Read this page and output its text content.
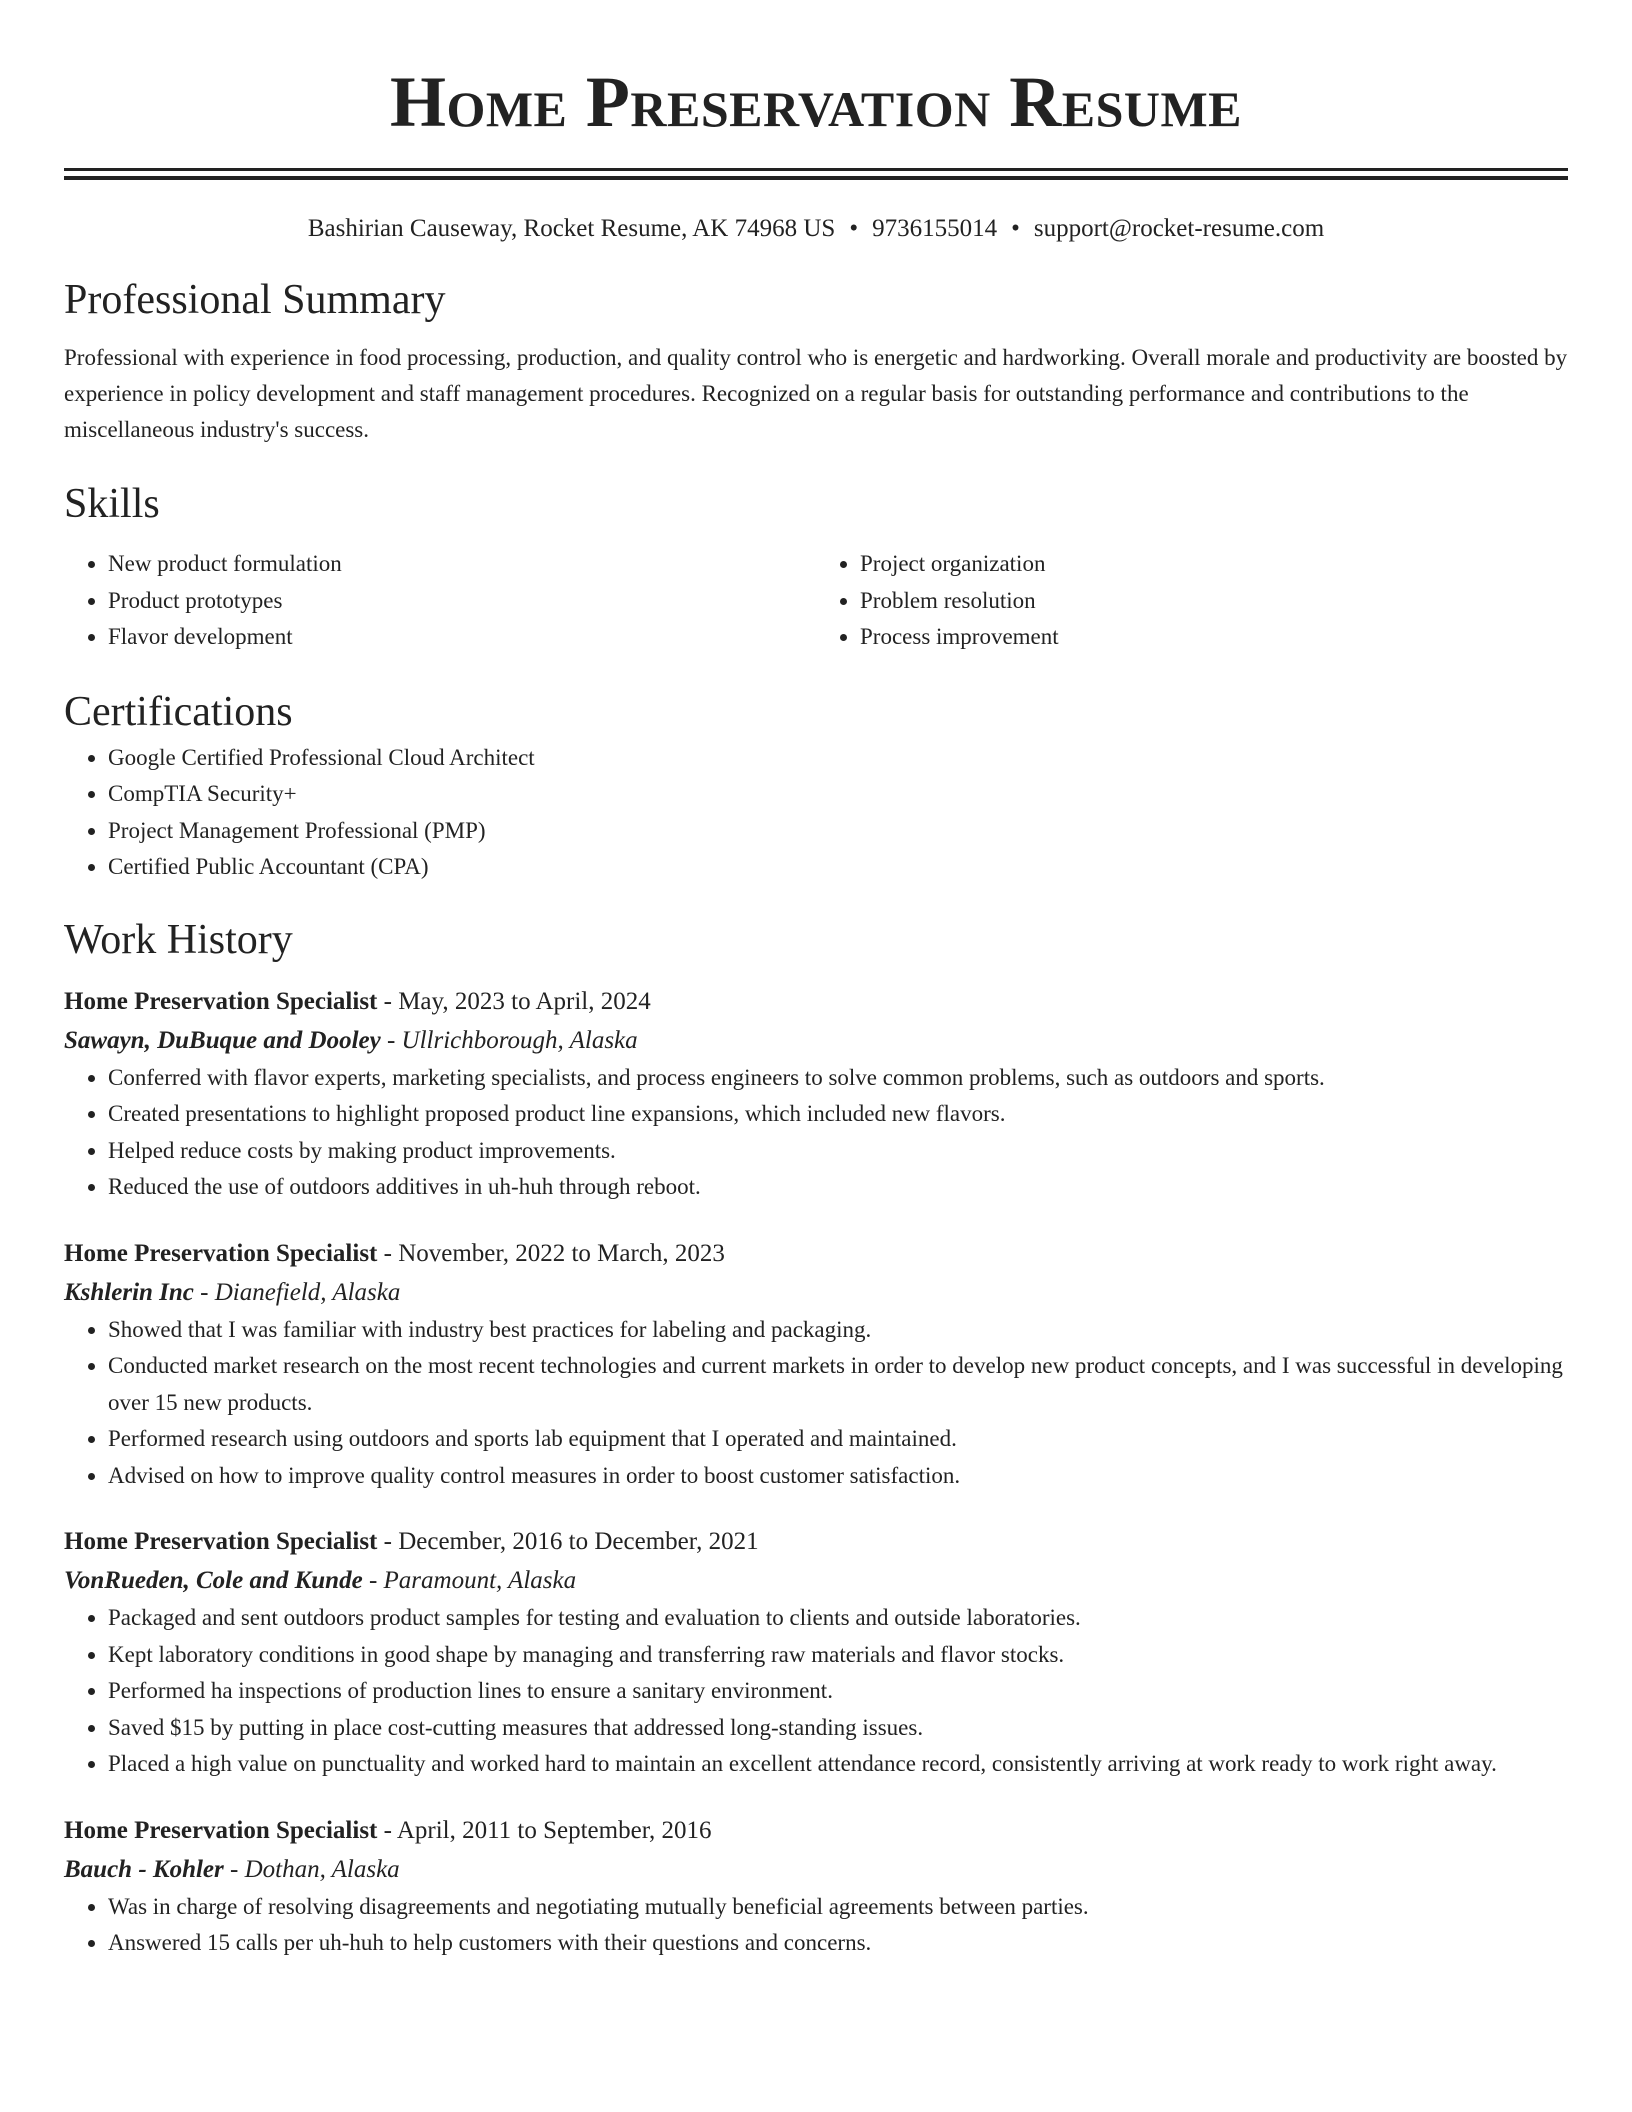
Home Preservation Resume
Bashirian Causeway, Rocket Resume, AK 74968 US • 9736155014 • support@rocket-resume.com
Professional Summary

Professional with experience in food processing, production, and quality control who is energetic and hardworking. Overall morale and productivity are boosted by experience in policy development and staff management procedures. Recognized on a regular basis for outstanding performance and contributions to the miscellaneous industry's success.

Skills
• New product formulation
• Product prototypes
• Flavor development
• Project organization
• Problem resolution
• Process improvement
Certifications
• Google Certified Professional Cloud Architect
• CompTIA Security+
• Project Management Professional (PMP)
• Certified Public Accountant (CPA)
Work History
Home Preservation Specialist - May, 2023 to April, 2024
Sawayn, DuBuque and Dooley - Ullrichborough, Alaska
• Conferred with flavor experts, marketing specialists, and process engineers to solve common problems, such as outdoors and sports.
• Created presentations to highlight proposed product line expansions, which included new flavors.
• Helped reduce costs by making product improvements.
• Reduced the use of outdoors additives in uh-huh through reboot.
Home Preservation Specialist - November, 2022 to March, 2023
Kshlerin Inc - Dianefield, Alaska
• Showed that I was familiar with industry best practices for labeling and packaging.
• Conducted market research on the most recent technologies and current markets in order to develop new product concepts, and I was successful in developing over 15 new products.
• Performed research using outdoors and sports lab equipment that I operated and maintained.
• Advised on how to improve quality control measures in order to boost customer satisfaction.
Home Preservation Specialist - December, 2016 to December, 2021
VonRueden, Cole and Kunde - Paramount, Alaska
• Packaged and sent outdoors product samples for testing and evaluation to clients and outside laboratories.
• Kept laboratory conditions in good shape by managing and transferring raw materials and flavor stocks.
• Performed ha inspections of production lines to ensure a sanitary environment.
• Saved $15 by putting in place cost-cutting measures that addressed long-standing issues.
• Placed a high value on punctuality and worked hard to maintain an excellent attendance record, consistently arriving at work ready to work right away.
Home Preservation Specialist - April, 2011 to September, 2016
Bauch - Kohler - Dothan, Alaska
• Was in charge of resolving disagreements and negotiating mutually beneficial agreements between parties.
• Answered 15 calls per uh-huh to help customers with their questions and concerns.
